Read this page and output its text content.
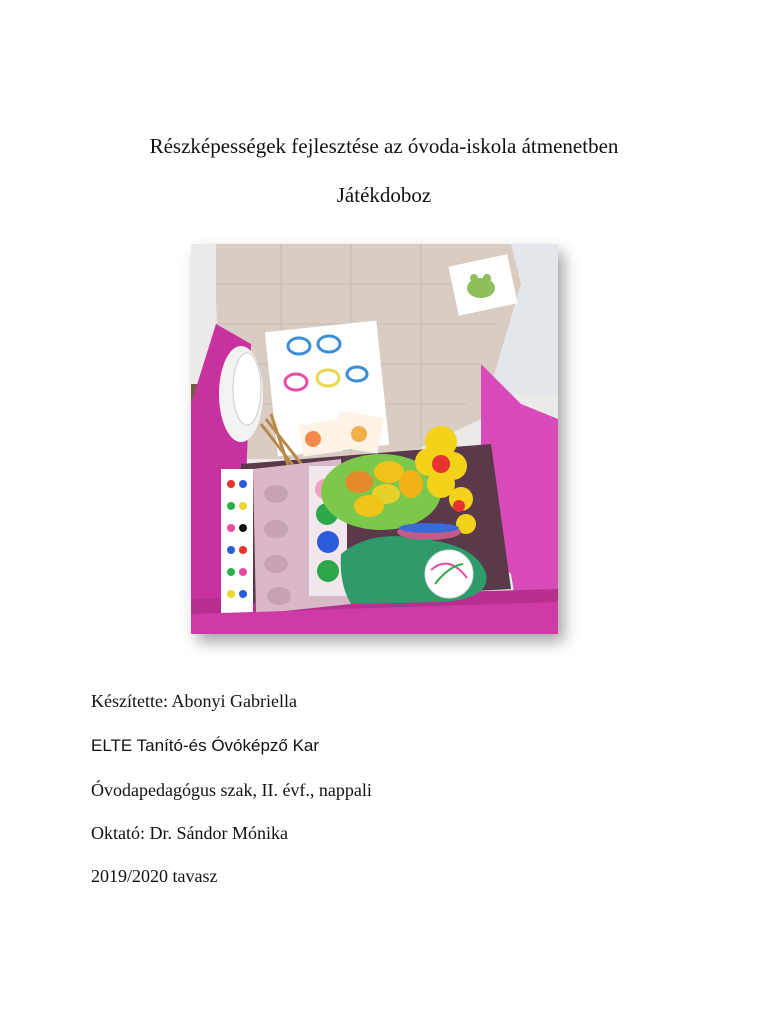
Részképességek fejlesztése az óvoda-iskola átmenetben
Játékdoboz
Készítette: Abonyi Gabriella
ELTE Tanító-és Óvóképző Kar
Óvodapedagógus szak, II. évf., nappali
Oktató: Dr. Sándor Mónika
2019/2020 tavasz
